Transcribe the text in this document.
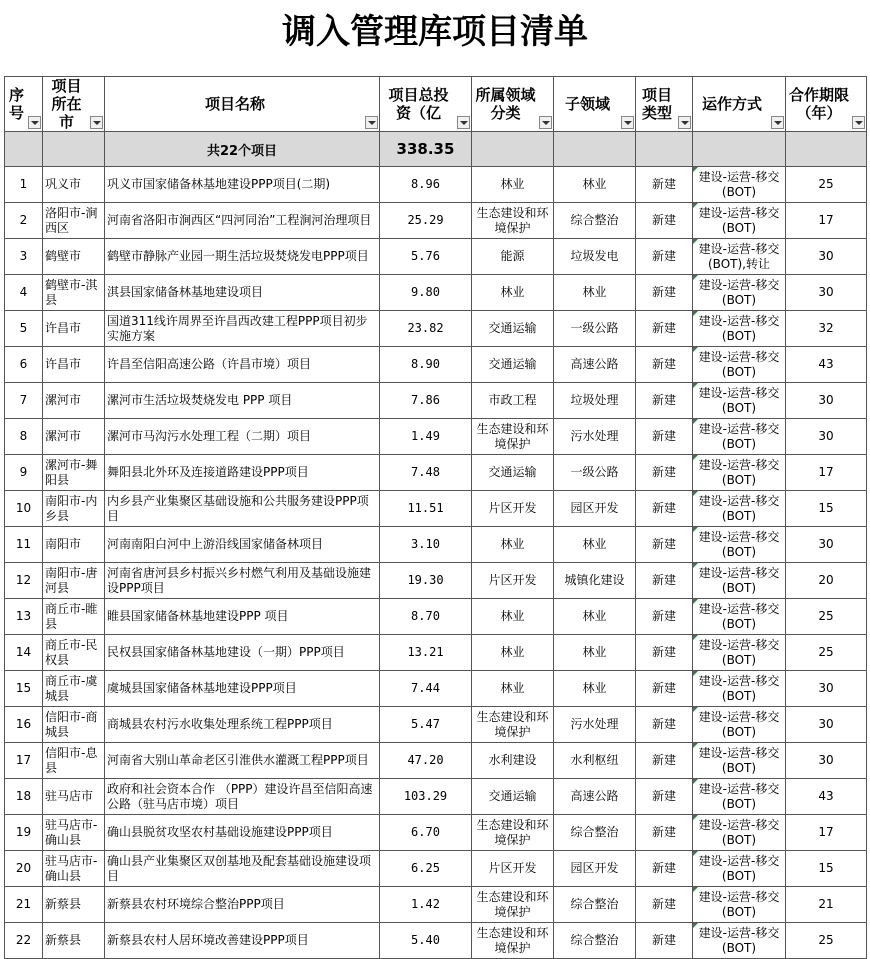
调入管理库项目清单
序号	项目所在市	项目名称	项目总投资（亿	所属领域分类	子领域	项目类型	运作方式	合作期限（年）

		共22个项目	338.35					
1	巩义市	巩义市国家储备林基地建设PPP项目(二期)	8.96	林业	林业	新建	建设-运营-移交(BOT)	25
2	洛阳市-涧西区	河南省洛阳市涧西区“四河同治”工程涧河治理项目	25.29	生态建设和环境保护	综合整治	新建	建设-运营-移交(BOT)	17
3	鹤壁市	鹤壁市静脉产业园一期生活垃圾焚烧发电PPP项目	5.76	能源	垃圾发电	新建	建设-运营-移交(BOT),转让	30
4	鹤壁市-淇县	淇县国家储备林基地建设项目	9.80	林业	林业	新建	建设-运营-移交(BOT)	30
5	许昌市	国道311线许周界至许昌西改建工程PPP项目初步实施方案	23.82	交通运输	一级公路	新建	建设-运营-移交(BOT)	32
6	许昌市	许昌至信阳高速公路（许昌市境）项目	8.90	交通运输	高速公路	新建	建设-运营-移交(BOT)	43
7	漯河市	漯河市生活垃圾焚烧发电 PPP 项目	7.86	市政工程	垃圾处理	新建	建设-运营-移交(BOT)	30
8	漯河市	漯河市马沟污水处理工程（二期）项目	1.49	生态建设和环境保护	污水处理	新建	建设-运营-移交(BOT)	30
9	漯河市-舞阳县	舞阳县北外环及连接道路建设PPP项目	7.48	交通运输	一级公路	新建	建设-运营-移交(BOT)	17
10	南阳市-内乡县	内乡县产业集聚区基础设施和公共服务建设PPP项目	11.51	片区开发	园区开发	新建	建设-运营-移交(BOT)	15
11	南阳市	河南南阳白河中上游沿线国家储备林项目	3.10	林业	林业	新建	建设-运营-移交(BOT)	30
12	南阳市-唐河县	河南省唐河县乡村振兴乡村燃气利用及基础设施建设PPP项目	19.30	片区开发	城镇化建设	新建	建设-运营-移交(BOT)	20
13	商丘市-睢县	睢县国家储备林基地建设PPP 项目	8.70	林业	林业	新建	建设-运营-移交(BOT)	25
14	商丘市-民权县	民权县国家储备林基地建设（一期）PPP项目	13.21	林业	林业	新建	建设-运营-移交(BOT)	25
15	商丘市-虞城县	虞城县国家储备林基地建设PPP项目	7.44	林业	林业	新建	建设-运营-移交(BOT)	30
16	信阳市-商城县	商城县农村污水收集处理系统工程PPP项目	5.47	生态建设和环境保护	污水处理	新建	建设-运营-移交(BOT)	30
17	信阳市-息县	河南省大别山革命老区引淮供水灌溉工程PPP项目	47.20	水利建设	水利枢纽	新建	建设-运营-移交(BOT)	30
18	驻马店市	政府和社会资本合作 （PPP）建设许昌至信阳高速公路（驻马店市境）项目	103.29	交通运输	高速公路	新建	建设-运营-移交(BOT)	43
19	驻马店市-确山县	确山县脱贫攻坚农村基础设施建设PPP项目	6.70	生态建设和环境保护	综合整治	新建	建设-运营-移交(BOT)	17
20	驻马店市-确山县	确山县产业集聚区双创基地及配套基础设施建设项目	6.25	片区开发	园区开发	新建	建设-运营-移交(BOT)	15
21	新蔡县	新蔡县农村环境综合整治PPP项目	1.42	生态建设和环境保护	综合整治	新建	建设-运营-移交(BOT)	21
22	新蔡县	新蔡县农村人居环境改善建设PPP项目	5.40	生态建设和环境保护	综合整治	新建	建设-运营-移交(BOT)	25
